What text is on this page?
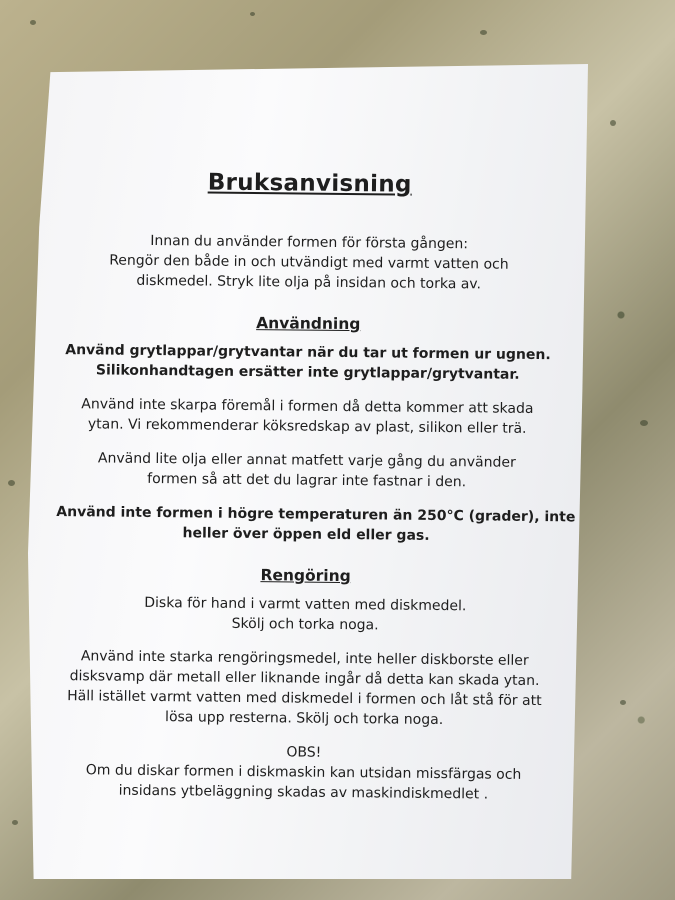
Bruksanvisning
Innan du använder formen för första gången:
Rengör den både in och utvändigt med varmt vatten och
diskmedel. Stryk lite olja på insidan och torka av.
Användning
Använd grytlappar/grytvantar när du tar ut formen ur ugnen.
Silikonhandtagen ersätter inte grytlappar/grytvantar.
Använd inte skarpa föremål i formen då detta kommer att skada
ytan. Vi rekommenderar köksredskap av plast, silikon eller trä.
Använd lite olja eller annat matfett varje gång du använder
formen så att det du lagrar inte fastnar i den.
Använd inte formen i högre temperaturen än 250°C (grader), inte
heller över öppen eld eller gas.
Rengöring
Diska för hand i varmt vatten med diskmedel.
Skölj och torka noga.
Använd inte starka rengöringsmedel, inte heller diskborste eller
disksvamp där metall eller liknande ingår då detta kan skada ytan.
Häll istället varmt vatten med diskmedel i formen och låt stå för att
lösa upp resterna. Skölj och torka noga.
OBS!
Om du diskar formen i diskmaskin kan utsidan missfärgas och
insidans ytbeläggning skadas av maskindiskmedlet .
